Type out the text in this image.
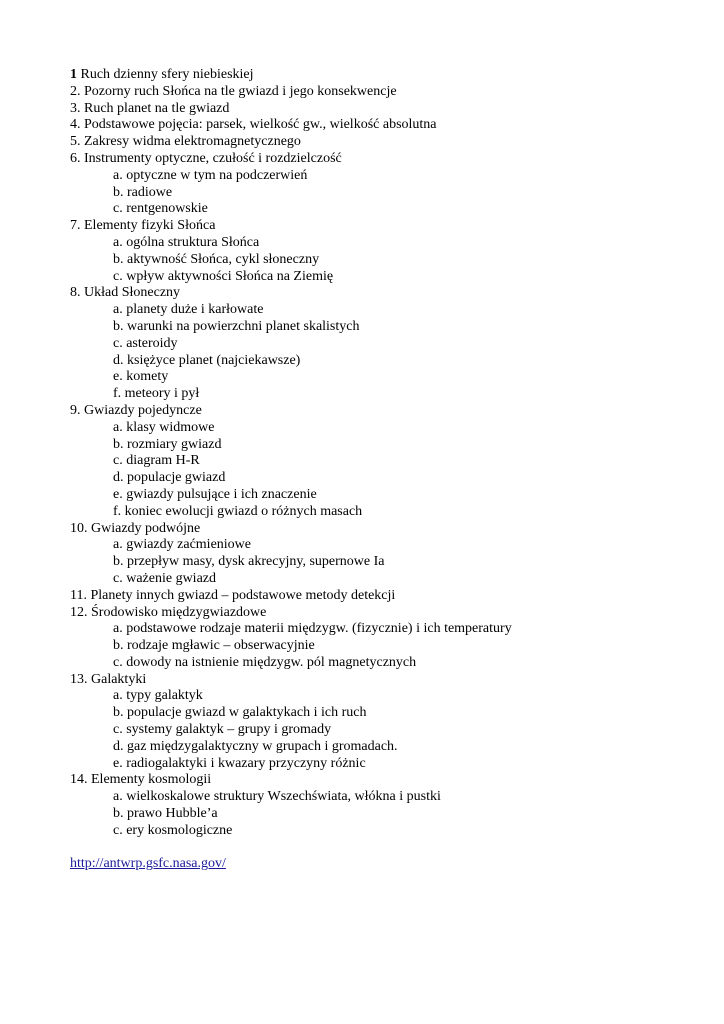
1 Ruch dzienny sfery niebieskiej
2. Pozorny ruch Słońca na tle gwiazd i jego konsekwencje
3. Ruch planet na tle gwiazd
4. Podstawowe pojęcia: parsek, wielkość gw., wielkość absolutna
5. Zakresy widma elektromagnetycznego
6. Instrumenty optyczne, czułość i rozdzielczość
a. optyczne w tym na podczerwień
b. radiowe
c. rentgenowskie
7. Elementy fizyki Słońca
a. ogólna struktura Słońca
b. aktywność Słońca, cykl słoneczny
c. wpływ aktywności Słońca na Ziemię
8. Układ Słoneczny
a. planety duże i karłowate
b. warunki na powierzchni planet skalistych
c. asteroidy
d. księżyce planet (najciekawsze)
e. komety
f. meteory i pył
9. Gwiazdy pojedyncze
a. klasy widmowe
b. rozmiary gwiazd
c. diagram H-R
d. populacje gwiazd
e. gwiazdy pulsujące i ich znaczenie
f. koniec ewolucji gwiazd o różnych masach
10. Gwiazdy podwójne
a. gwiazdy zaćmieniowe
b. przepływ masy, dysk akrecyjny, supernowe Ia
c. ważenie gwiazd
11. Planety innych gwiazd – podstawowe metody detekcji
12. Środowisko międzygwiazdowe
a. podstawowe rodzaje materii międzygw. (fizycznie) i ich temperatury
b. rodzaje mgławic – obserwacyjnie
c. dowody na istnienie międzygw. pól magnetycznych
13. Galaktyki
a. typy galaktyk
b. populacje gwiazd w galaktykach i ich ruch
c. systemy galaktyk – grupy i gromady
d. gaz międzygalaktyczny w grupach i gromadach.
e. radiogalaktyki i kwazary przyczyny różnic
14. Elementy kosmologii
a. wielkoskalowe struktury Wszechświata, włókna i pustki
b. prawo Hubble’a
c. ery kosmologiczne
http://antwrp.gsfc.nasa.gov/
